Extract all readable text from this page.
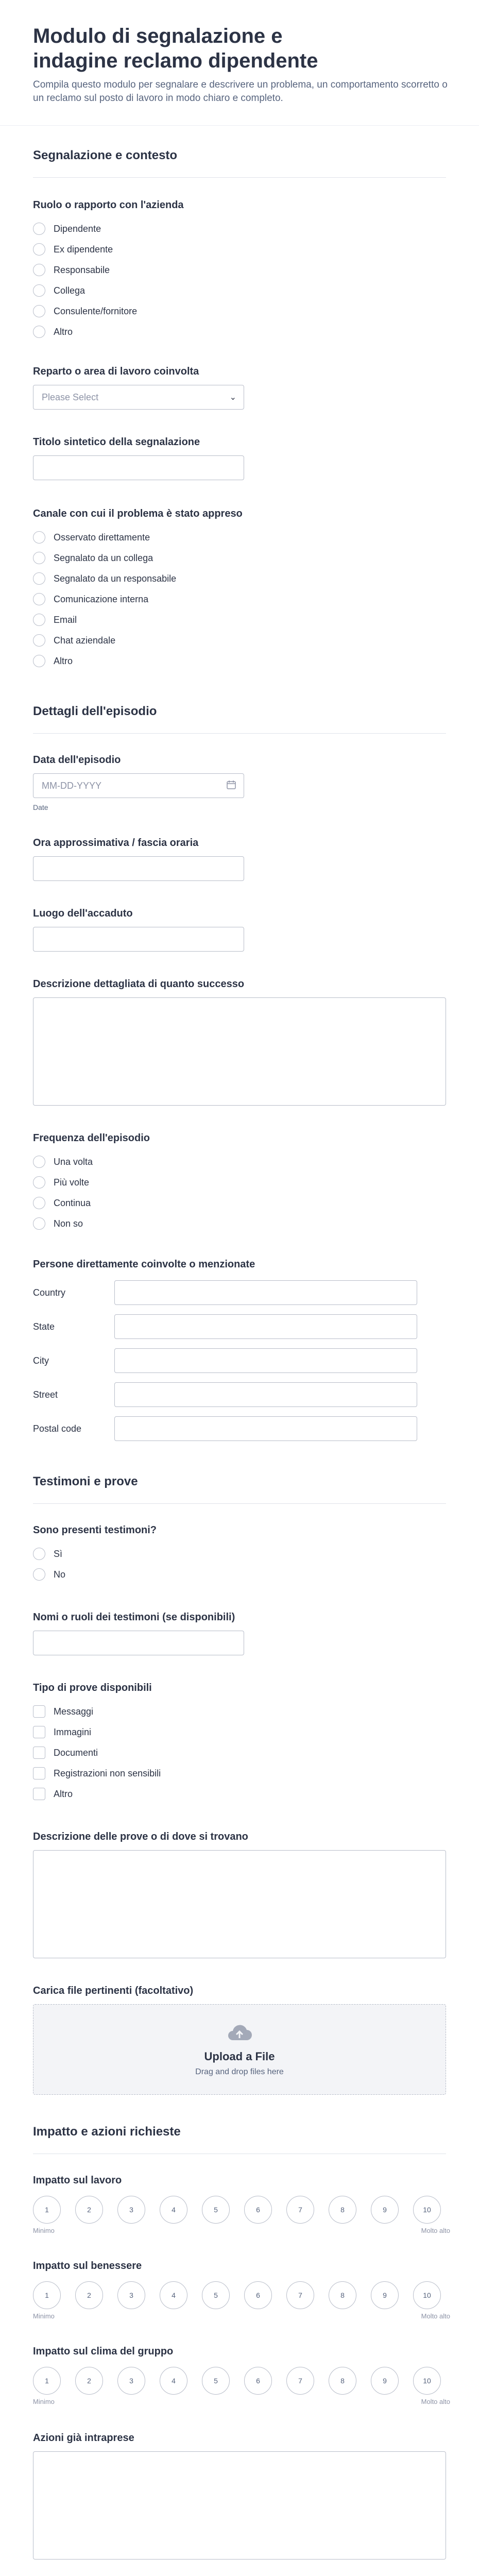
Modulo di segnalazione e indagine reclamo dipendente
Compila questo modulo per segnalare e descrivere un problema, un comportamento scorretto o un reclamo sul posto di lavoro in modo chiaro e completo.
Segnalazione e contesto
Ruolo o rapporto con l'azienda
Dipendente
Ex dipendente
Responsabile
Collega
Consulente/fornitore
Altro
Reparto o area di lavoro coinvolta
Please Select	⌄
Titolo sintetico della segnalazione
Canale con cui il problema è stato appreso
Osservato direttamente
Segnalato da un collega
Segnalato da un responsabile
Comunicazione interna
Email
Chat aziendale
Altro
Dettagli dell'episodio
Data dell'episodio
MM-DD-YYYY
Date
Ora approssimativa / fascia oraria
Luogo dell'accaduto
Descrizione dettagliata di quanto successo
Frequenza dell'episodio
Una volta
Più volte
Continua
Non so
Persone direttamente coinvolte o menzionate
Country
State
City
Street
Postal code
Testimoni e prove
Sono presenti testimoni?
Sì
No
Nomi o ruoli dei testimoni (se disponibili)
Tipo di prove disponibili
Messaggi
Immagini
Documenti
Registrazioni non sensibili
Altro
Descrizione delle prove o di dove si trovano
Carica file pertinenti (facoltativo)
Upload a File
Drag and drop files here
Impatto e azioni richieste
Impatto sul lavoro
1	2	3	4	5	6	7	8	9	10
Minimo	Molto alto
Impatto sul benessere
1	2	3	4	5	6	7	8	9	10
Minimo	Molto alto
Impatto sul clima del gruppo
1	2	3	4	5	6	7	8	9	10
Minimo	Molto alto
Azioni già intraprese
